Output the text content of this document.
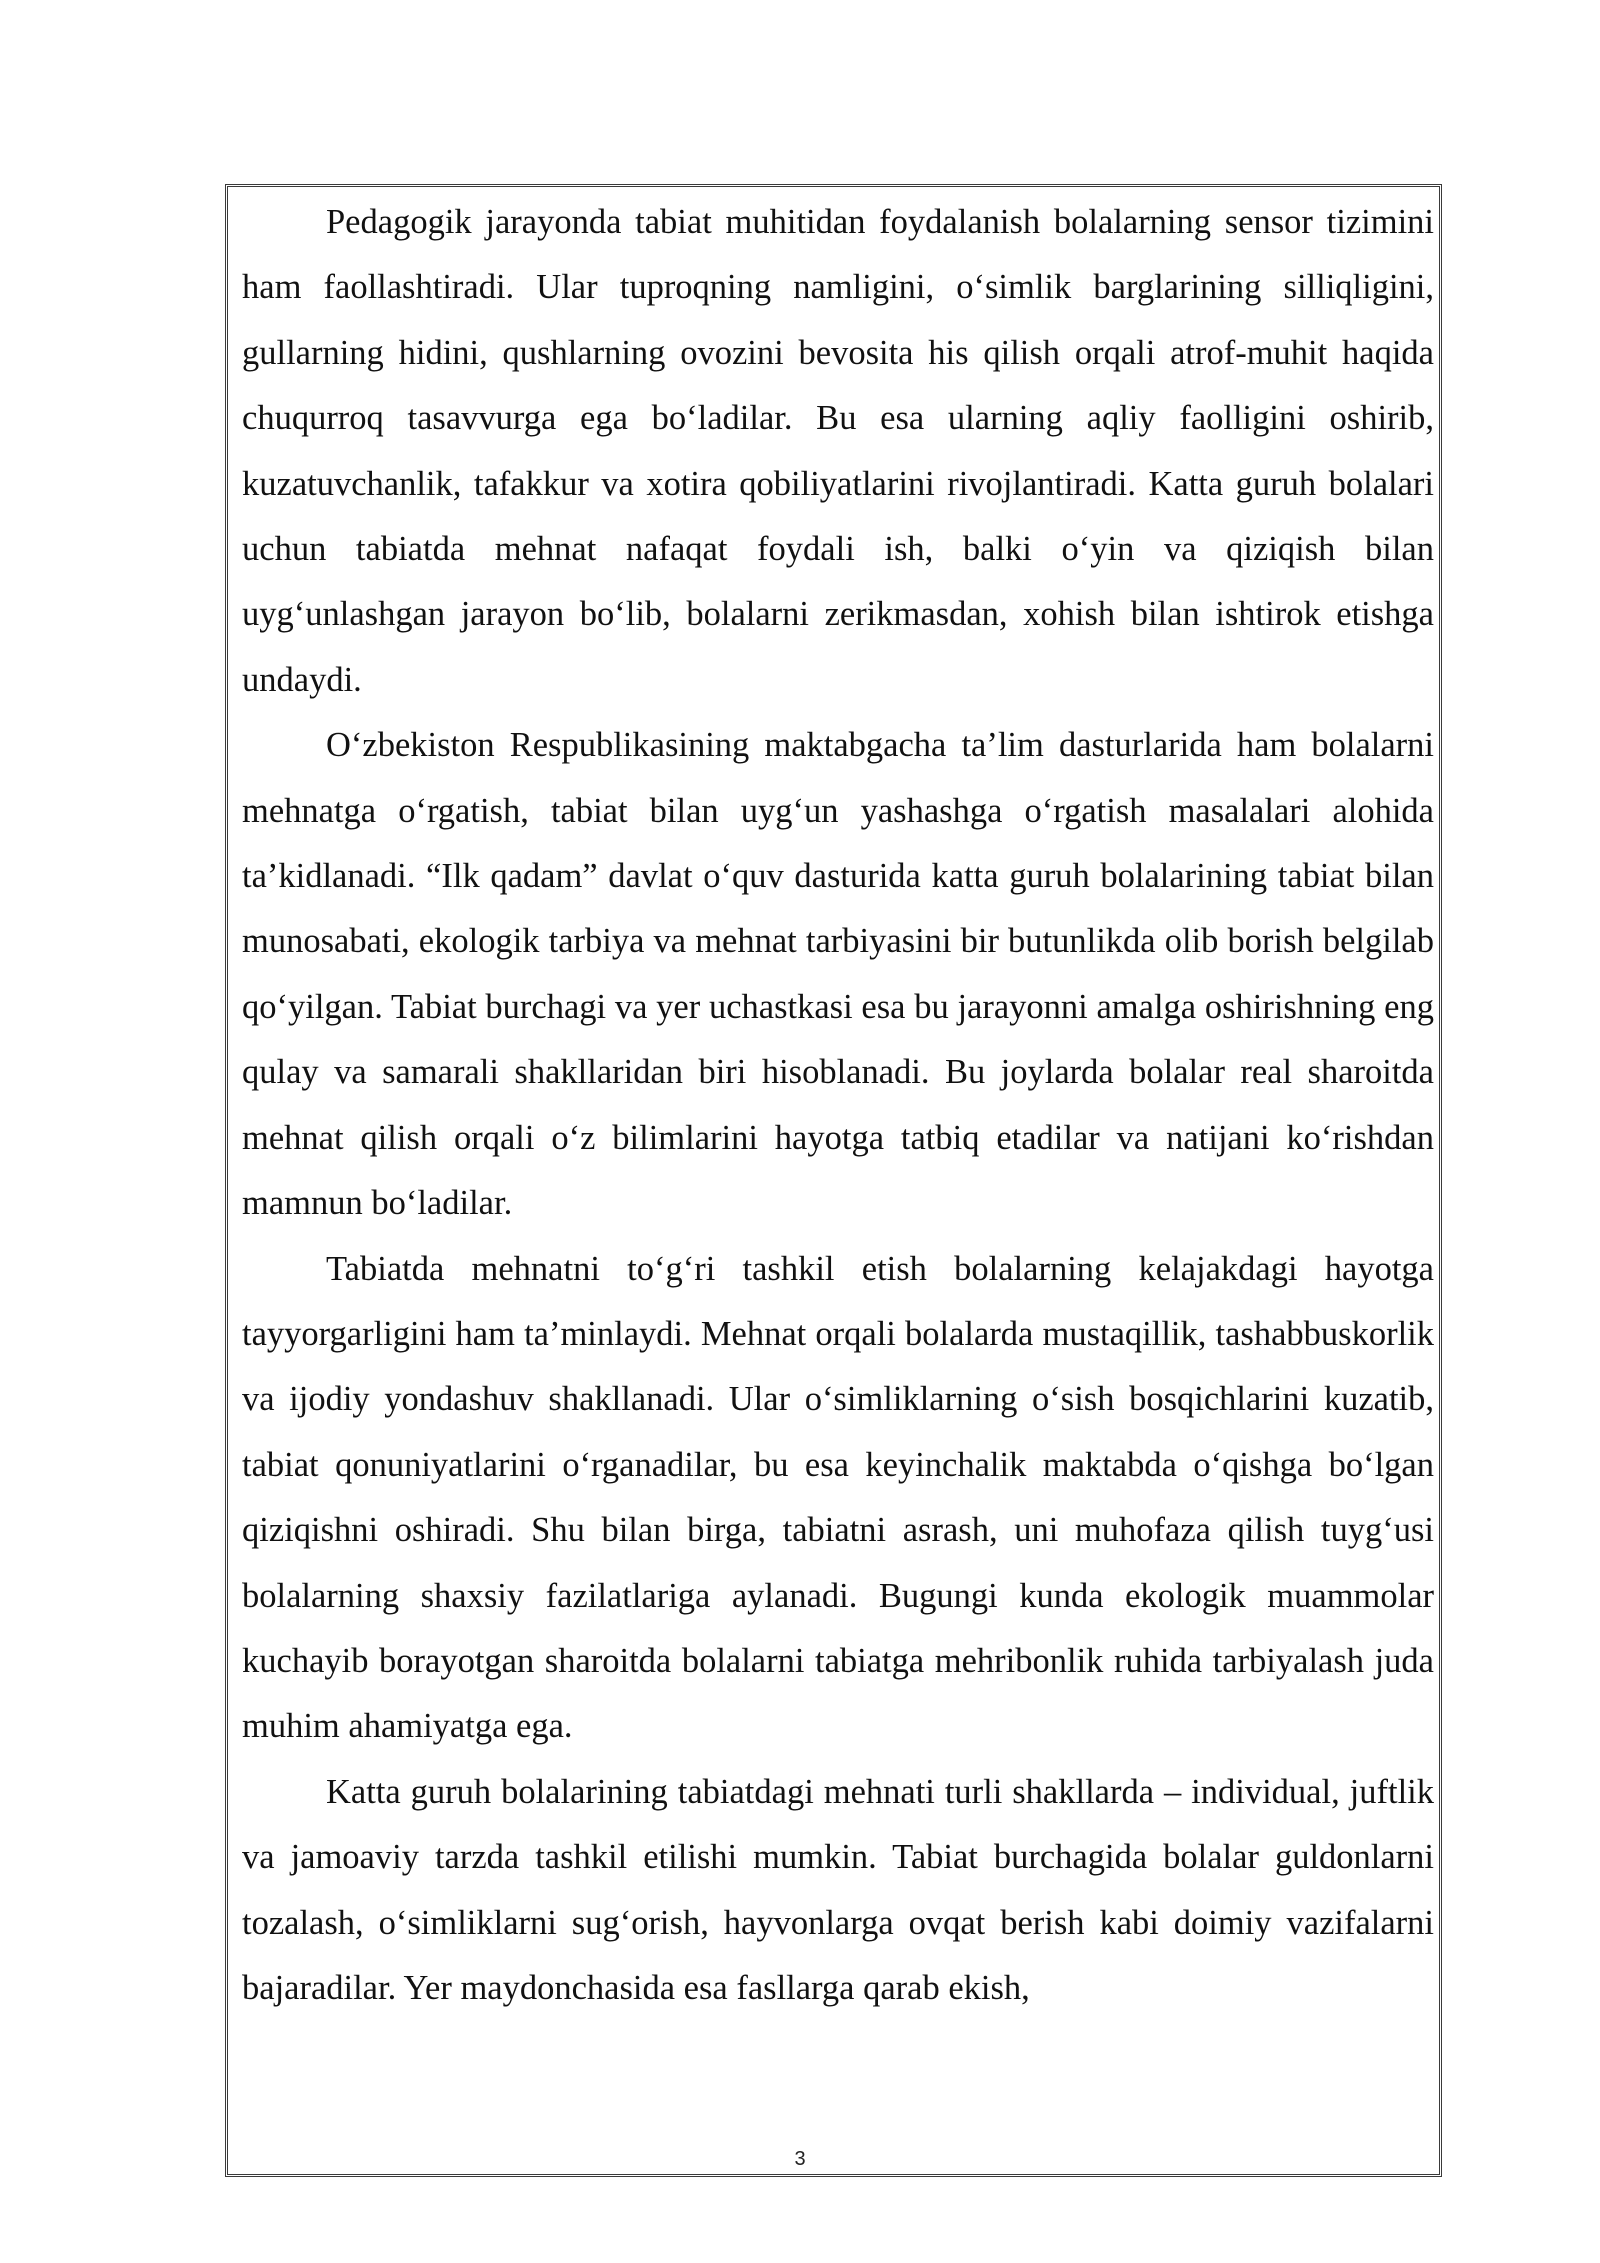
Pedagogik jarayonda tabiat muhitidan foydalanish bolalarning sensor tizimini ham faollashtiradi. Ular tuproqning namligini, o‘simlik barglarining silliqligini, gullarning hidini, qushlarning ovozini bevosita his qilish orqali atrof-muhit haqida chuqurroq tasavvurga ega bo‘ladilar. Bu esa ularning aqliy faolligini oshirib, kuzatuvchanlik, tafakkur va xotira qobiliyatlarini rivojlantiradi. Katta guruh bolalari uchun tabiatda mehnat nafaqat foydali ish, balki o‘yin va qiziqish bilan uyg‘unlashgan jarayon bo‘lib, bolalarni zerikmasdan, xohish bilan ishtirok etishga undaydi.

O‘zbekiston Respublikasining maktabgacha ta’lim dasturlarida ham bolalarni mehnatga o‘rgatish, tabiat bilan uyg‘un yashashga o‘rgatish masalalari alohida ta’kidlanadi. “Ilk qadam” davlat o‘quv dasturida katta guruh bolalarining tabiat bilan munosabati, ekologik tarbiya va mehnat tarbiyasini bir butunlikda olib borish belgilab qo‘yilgan. Tabiat burchagi va yer uchastkasi esa bu jarayonni amalga oshirishning eng qulay va samarali shakllaridan biri hisoblanadi. Bu joylarda bolalar real sharoitda mehnat qilish orqali o‘z bilimlarini hayotga tatbiq etadilar va natijani ko‘rishdan mamnun bo‘ladilar.

Tabiatda mehnatni to‘g‘ri tashkil etish bolalarning kelajakdagi hayotga tayyorgarligini ham ta’minlaydi. Mehnat orqali bolalarda mustaqillik, tashabbuskorlik va ijodiy yondashuv shakllanadi. Ular o‘simliklarning o‘sish bosqichlarini kuzatib, tabiat qonuniyatlarini o‘rganadilar, bu esa keyinchalik maktabda o‘qishga bo‘lgan qiziqishni oshiradi. Shu bilan birga, tabiatni asrash, uni muhofaza qilish tuyg‘usi bolalarning shaxsiy fazilatlariga aylanadi. Bugungi kunda ekologik muammolar kuchayib borayotgan sharoitda bolalarni tabiatga mehribonlik ruhida tarbiyalash juda muhim ahamiyatga ega.

Katta guruh bolalarining tabiatdagi mehnati turli shakllarda – individual, juftlik va jamoaviy tarzda tashkil etilishi mumkin. Tabiat burchagida bolalar guldonlarni tozalash, o‘simliklarni sug‘orish, hayvonlarga ovqat berish kabi doimiy vazifalarni bajaradilar. Yer maydonchasida esa fasllarga qarab ekish,

3
